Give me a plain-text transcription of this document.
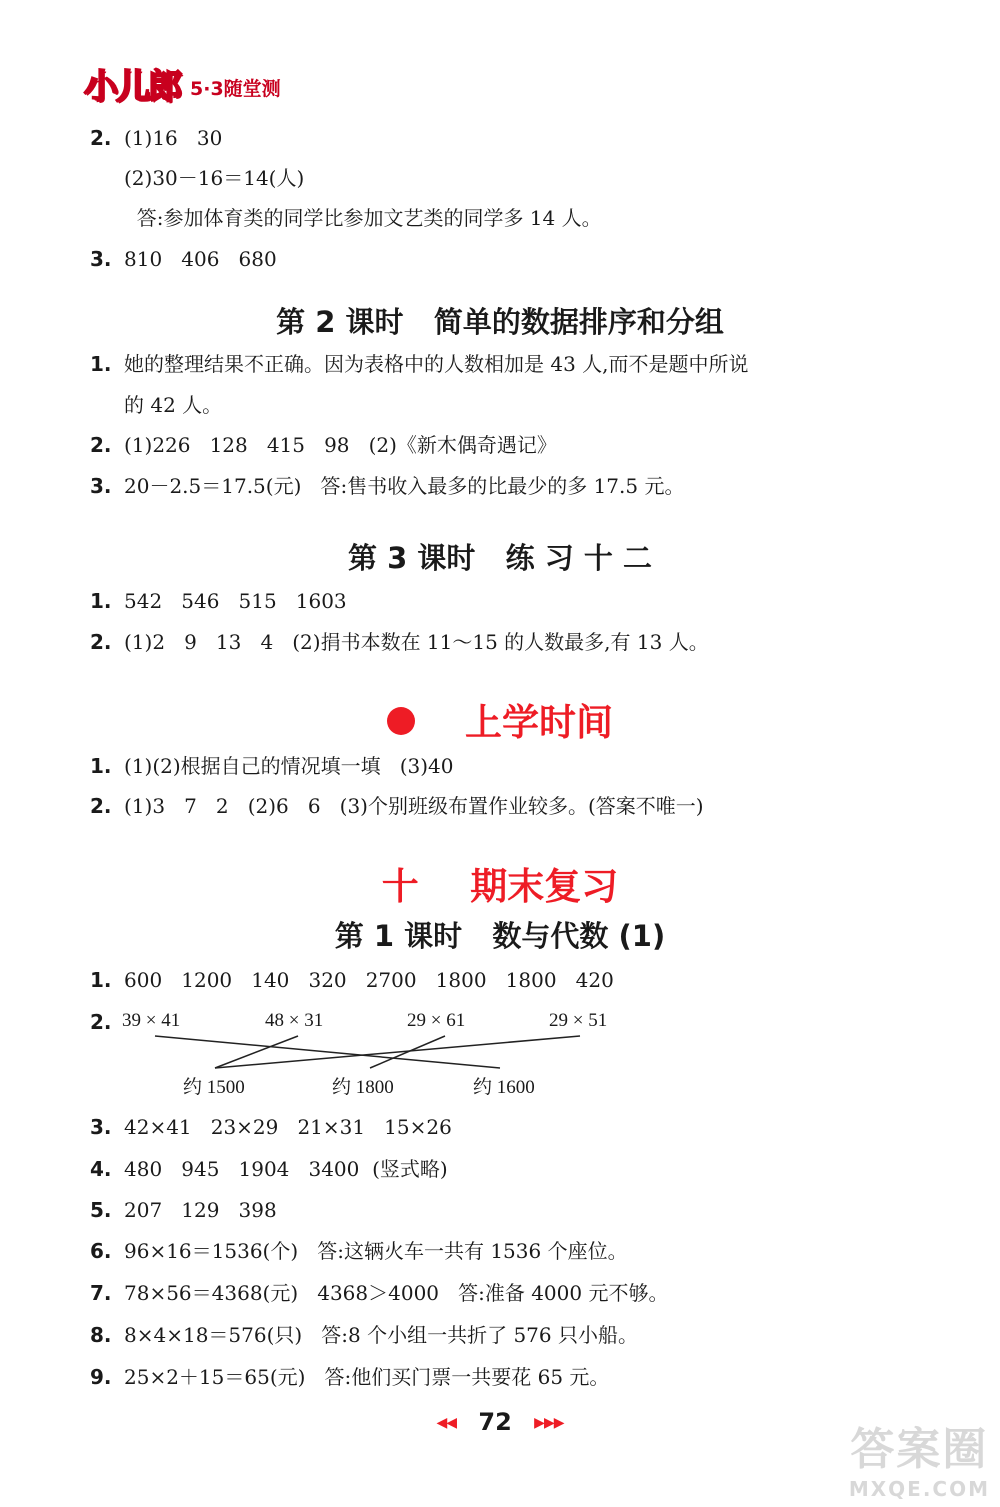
小儿郎 5·3随堂测
2. (1)16   30
(2)30－16＝14(人)
答:参加体育类的同学比参加文艺类的同学多 14 人。
3. 810   406   680
第 2 课时   简单的数据排序和分组
1. 她的整理结果不正确。因为表格中的人数相加是 43 人,而不是题中所说
的 42 人。
2. (1)226   128   415   98   (2)《新木偶奇遇记》
3. 20－2.5＝17.5(元)   答:售书收入最多的比最少的多 17.5 元。
第 3 课时   练 习 十 二
1. 542   546   515   1603
2. (1)2   9   13   4   (2)捐书本数在 11～15 的人数最多,有 13 人。
上学时间
1. (1)(2)根据自己的情况填一填   (3)40
2. (1)3   7   2   (2)6   6   (3)个别班级布置作业较多。(答案不唯一)
十    期末复习
第 1 课时   数与代数 (1)
1. 600   1200   140   320   2700   1800   1800   420
2. 39 × 41	48 × 31	29 × 61	29 × 51
约 1500	约 1800	约 1600
3. 42×41   23×29   21×31   15×26
4. 480   945   1904   3400  (竖式略)
5. 207   129   398
6. 96×16＝1536(个)   答:这辆火车一共有 1536 个座位。
7. 78×56＝4368(元)   4368＞4000   答:准备 4000 元不够。
8. 8×4×18＝576(只)   答:8 个小组一共折了 576 只小船。
9. 25×2＋15＝65(元)   答:他们买门票一共要花 65 元。
◀◀ 72 ▶▶▶
答案圈
MXQE.COM
